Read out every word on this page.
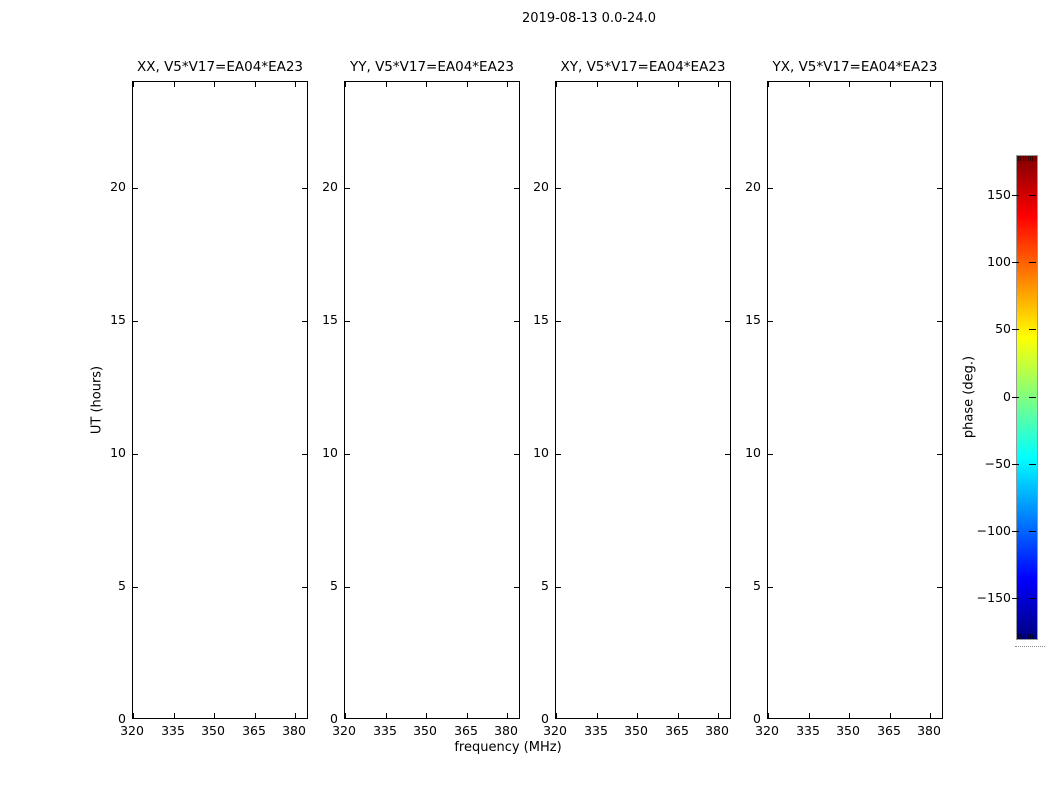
2019-08-13 0.0-24.0
UT (hours)
frequency (MHz)
XX, V5*V17=EA04*EA23
320	335	350	365	380
0
5
10
15
20
YY, V5*V17=EA04*EA23
320	335	350	365	380
0
5
10
15
20
XY, V5*V17=EA04*EA23
320	335	350	365	380
0
5
10
15
20
YX, V5*V17=EA04*EA23
320	335	350	365	380
0
5
10
15
20
phase (deg.)
150
100
50
0
−50
−100
−150
